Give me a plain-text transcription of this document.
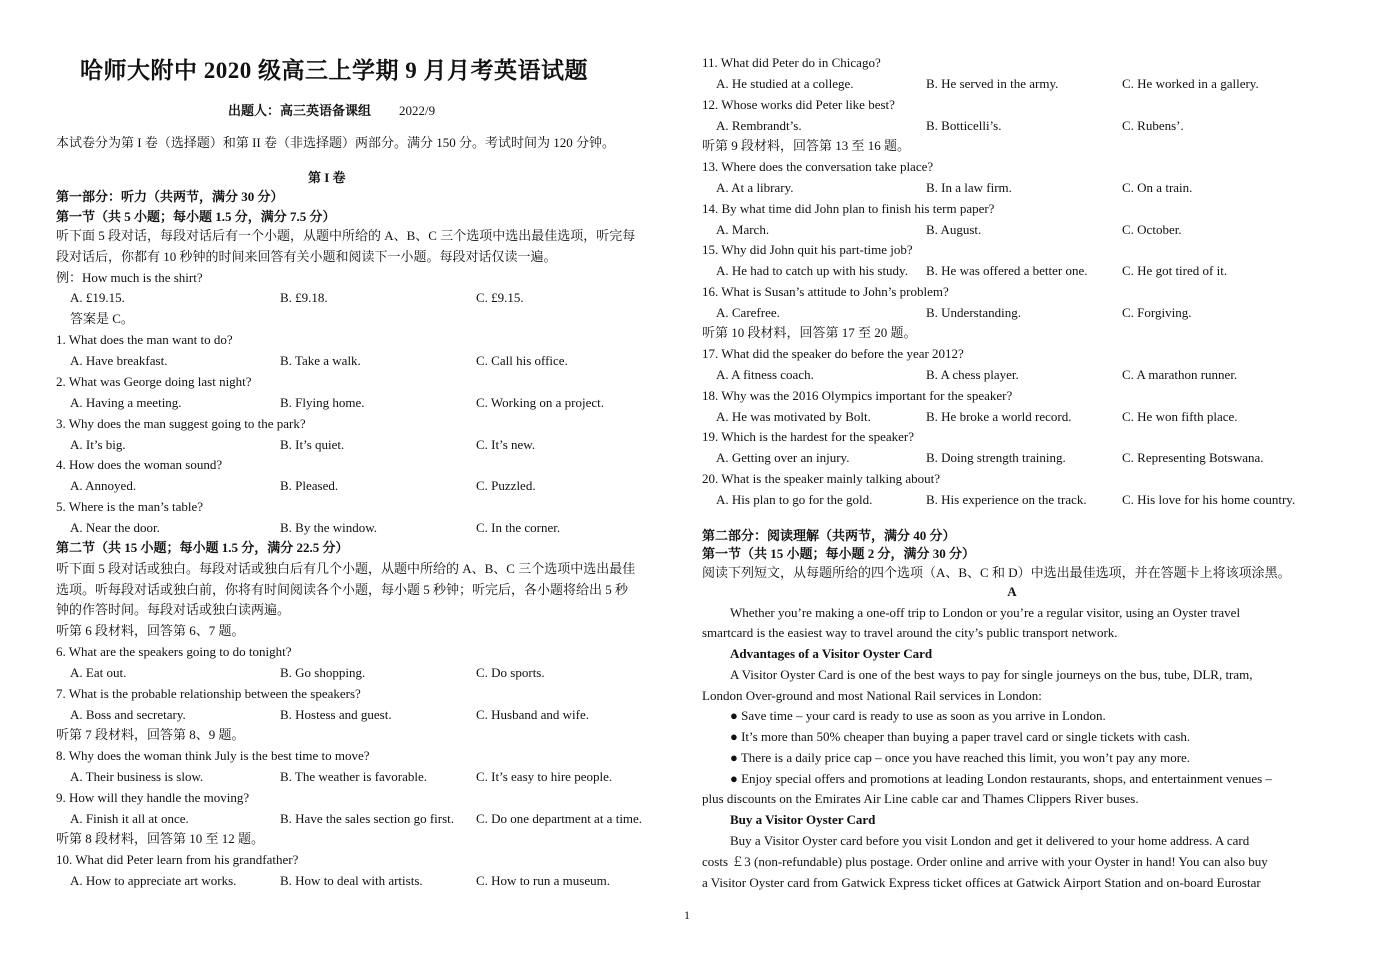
哈师大附中 2020 级高三上学期 9 月月考英语试题
出题人：高三英语备课组 2022/9
本试卷分为第 I 卷（选择题）和第 II 卷（非选择题）两部分。满分 150 分。考试时间为 120 分钟。
第 I 卷
第一部分：听力（共两节，满分 30 分）
第一节（共 5 小题；每小题 1.5 分，满分 7.5 分）
听下面 5 段对话，每段对话后有一个小题，从题中所给的 A、B、C 三个选项中选出最佳选项，听完每
段对话后，你都有 10 秒钟的时间来回答有关小题和阅读下一小题。每段对话仅读一遍。
例：How much is the shirt?
A. £19.15.	B. £9.18.	C. £9.15.
答案是 C。
第二节（共 15 小题；每小题 1.5 分，满分 22.5 分）
听下面 5 段对话或独白。每段对话或独白后有几个小题，从题中所给的 A、B、C 三个选项中选出最佳
选项。听每段对话或独白前，你将有时间阅读各个小题，每小题 5 秒钟；听完后，各小题将给出 5 秒
钟的作答时间。每段对话或独白读两遍。
听第 6 段材料，回答第 6、7 题。
听第 7 段材料，回答第 8、9 题。
听第 8 段材料，回答第 10 至 12 题。
听第 9 段材料，回答第 13 至 16 题。
听第 10 段材料，回答第 17 至 20 题。
第二部分：阅读理解（共两节，满分 40 分）
第一节（共 15 小题；每小题 2 分，满分 30 分）
阅读下列短文，从每题所给的四个选项（A、B、C 和 D）中选出最佳选项，并在答题卡上将该项涂黑。
A
Whether you’re making a one-off trip to London or you’re a regular visitor, using an Oyster travel
smartcard is the easiest way to travel around the city’s public transport network.
Advantages of a Visitor Oyster Card
A Visitor Oyster Card is one of the best ways to pay for single journeys on the bus, tube, DLR, tram,
London Over-ground and most National Rail services in London:
● Save time – your card is ready to use as soon as you arrive in London.
● It’s more than 50% cheaper than buying a paper travel card or single tickets with cash.
● There is a daily price cap – once you have reached this limit, you won’t pay any more.
● Enjoy special offers and promotions at leading London restaurants, shops, and entertainment venues –
plus discounts on the Emirates Air Line cable car and Thames Clippers River buses.
Buy a Visitor Oyster Card
Buy a Visitor Oyster card before you visit London and get it delivered to your home address. A card
costs ￡3 (non-refundable) plus postage. Order online and arrive with your Oyster in hand! You can also buy
a Visitor Oyster card from Gatwick Express ticket offices at Gatwick Airport Station and on-board Eurostar
1
1. What does the man want to do?
A. Have breakfast.	B. Take a walk.	C. Call his office.
2. What was George doing last night?
A. Having a meeting.	B. Flying home.	C. Working on a project.
3. Why does the man suggest going to the park?
A. It’s big.	B. It’s quiet.	C. It’s new.
4. How does the woman sound?
A. Annoyed.	B. Pleased.	C. Puzzled.
5. Where is the man’s table?
A. Near the door.	B. By the window.	C. In the corner.
6. What are the speakers going to do tonight?
A. Eat out.	B. Go shopping.	C. Do sports.
7. What is the probable relationship between the speakers?
A. Boss and secretary.	B. Hostess and guest.	C. Husband and wife.
8. Why does the woman think July is the best time to move?
A. Their business is slow.	B. The weather is favorable.	C. It’s easy to hire people.
9. How will they handle the moving?
A. Finish it all at once.	B. Have the sales section go first. C. Do one department at a time.
10. What did Peter learn from his grandfather?
A. How to appreciate art works.	B. How to deal with artists.	C. How to run a museum.
11. What did Peter do in Chicago?
A. He studied at a college.	B. He served in the army.	C. He worked in a gallery.
12. Whose works did Peter like best?
A. Rembrandt’s.	B. Botticelli’s.	C. Rubens’.
13. Where does the conversation take place?
A. At a library.	B. In a law firm.	C. On a train.
14. By what time did John plan to finish his term paper?
A. March.	B. August.	C. October.
15. Why did John quit his part-time job?
A. He had to catch up with his study. B. He was offered a better one.	C. He got tired of it.
16. What is Susan’s attitude to John’s problem?
A. Carefree.	B. Understanding.	C. Forgiving.
17. What did the speaker do before the year 2012?
A. A fitness coach.	B. A chess player.	C. A marathon runner.
18. Why was the 2016 Olympics important for the speaker?
A. He was motivated by Bolt.	B. He broke a world record.	C. He won fifth place.
19. Which is the hardest for the speaker?
A. Getting over an injury.	B. Doing strength training.	C. Representing Botswana.
20. What is the speaker mainly talking about?
A. His plan to go for the gold.	B. His experience on the track.	C. His love for his home country.
